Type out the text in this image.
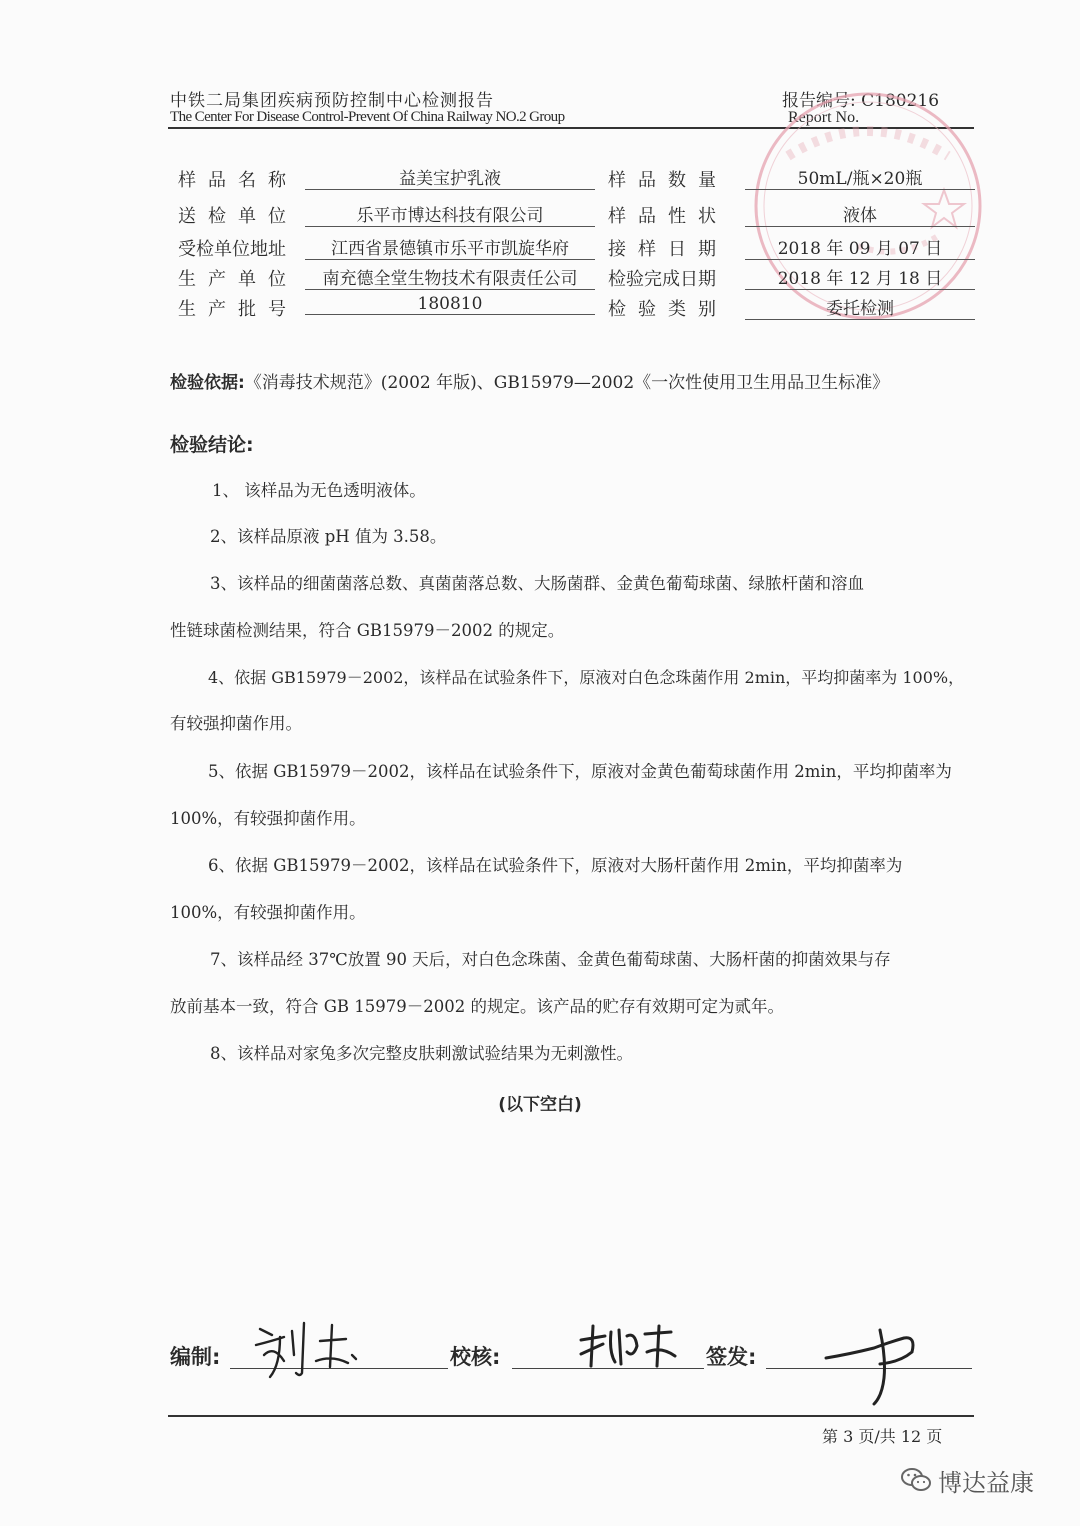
中铁二局集团疾病预防控制中心检测报告
The Center For Disease Control-Prevent Of China Railway NO.2 Group
报告编号: C180216
Report No.
样品名称	益美宝护乳液	样品数量	50mL/瓶×20瓶
送检单位	乐平市博达科技有限公司	样品性状	液体
受检单位地址	江西省景德镇市乐平市凯旋华府	接样日期	2018 年 09 月 07 日
生产单位	南充德全堂生物技术有限责任公司	检验完成日期	2018 年 12 月 18 日
生产批号	180810	检验类别	委托检测
检验依据:《消毒技术规范》(2002 年版)、GB15979—2002《一次性使用卫生用品卫生标准》
检验结论:
1、 该样品为无色透明液体。
2、该样品原液 pH 值为 3.58。
3、该样品的细菌菌落总数、真菌菌落总数、大肠菌群、金黄色葡萄球菌、绿脓杆菌和溶血
性链球菌检测结果，符合 GB15979－2002 的规定。
4、依据 GB15979－2002，该样品在试验条件下，原液对白色念珠菌作用 2min，平均抑菌率为 100%，
有较强抑菌作用。
5、依据 GB15979－2002，该样品在试验条件下，原液对金黄色葡萄球菌作用 2min，平均抑菌率为
100%，有较强抑菌作用。
6、依据 GB15979－2002，该样品在试验条件下，原液对大肠杆菌作用 2min，平均抑菌率为
100%，有较强抑菌作用。
7、该样品经 37℃放置 90 天后，对白色念珠菌、金黄色葡萄球菌、大肠杆菌的抑菌效果与存
放前基本一致，符合 GB 15979－2002 的规定。该产品的贮存有效期可定为贰年。
8、该样品对家兔多次完整皮肤刺激试验结果为无刺激性。
(以下空白)
编制:	校核:	签发:
第 3 页/共 12 页
博达益康
